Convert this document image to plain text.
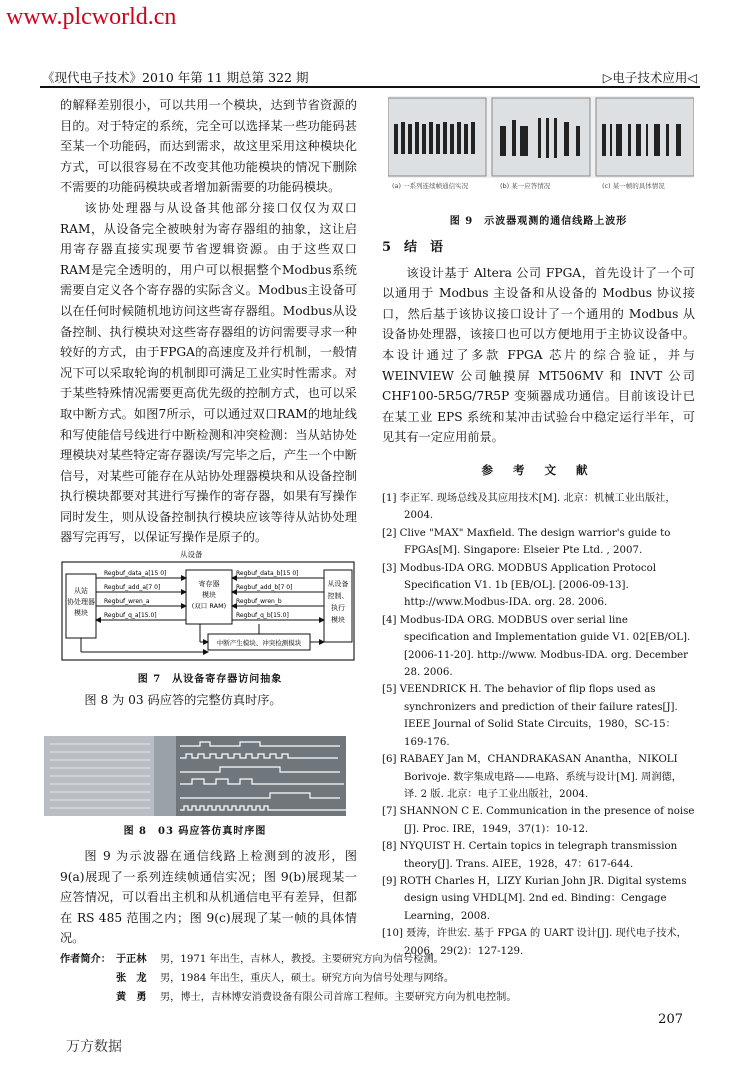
www.plcworld.cn
《现代电子技术》2010 年第 11 期总第 322 期	▷电子技术应用◁

的解释差别很小，可以共用一个模块，达到节省资源的目的。对于特定的系统，完全可以选择某一些功能码甚至某一个功能码，而达到需求，故这里采用这种模块化方式，可以很容易在不改变其他功能模块的情况下删除不需要的功能码模块或者增加新需要的功能码模块。

该协处理器与从设备其他部分接口仅仅为双口RAM，从设备完全被映射为寄存器组的抽象，这让启用寄存器直接实现要节省逻辑资源。由于这些双口RAM是完全透明的，用户可以根据整个Modbus系统需要自定义各个寄存器的实际含义。Modbus主设备可以在任何时候随机地访问这些寄存器组。Modbus从设备控制、执行模块对这些寄存器组的访问需要寻求一种较好的方式，由于FPGA的高速度及并行机制，一般情况下可以采取轮询的机制即可满足工业实时性需求。对于某些特殊情况需要更高优先级的控制方式，也可以采取中断方式。如图7所示，可以通过双口RAM的地址线和写使能信号线进行中断检测和冲突检测：当从站协处理模块对某些特定寄存器读/写完毕之后，产生一个中断信号，对某些可能存在从站协处理器模块和从设备控制执行模块都要对其进行写操作的寄存器，如果有写操作同时发生，则从设备控制执行模块应该等待从站协处理器写完再写，以保证写操作是原子的。

从设备
从站
协处理器
模块
寄存器
模块
(双口 RAM)
从设备
控制、
执行
模块
Regbuf_data_a[15 0]
Regbuf_add_a[7 0]
Regbuf_wren_a
Regbuf_q_a[15.0]
Regbuf_data_b[15 0]
Regbuf_add_b[7 0]
Regbuf_wren_b
Regbuf_q_b[15.0]
中断产生模块、冲突检测模块
图 7　从设备寄存器访问抽象

图 8 为 03 码应答的完整仿真时序。

图 8　03 码应答仿真时序图

图 9 为示波器在通信线路上检测到的波形，图 9(a)展现了一系列连续帧通信实况；图 9(b)展现某一应答情况，可以看出主机和从机通信电平有差异，但都在 RS 485 范围之内；图 9(c)展现了某一帧的具体情况。

(a) 一系列连续帧通信实况	(b) 某一应答情况	(c) 某一帧的具体情况
图 9　示波器观测的通信线路上波形

5　结　语

该设计基于 Altera 公司 FPGA，首先设计了一个可以通用于 Modbus 主设备和从设备的 Modbus 协议接口，然后基于该协议接口设计了一个通用的 Modbus 从设备协处理器，该接口也可以方便地用于主协议设备中。本设计通过了多款 FPGA 芯片的综合验证，并与 WEINVIEW 公司触摸屏 MT506MV 和 INVT 公司 CHF100-5R5G/7R5P 变频器成功通信。目前该设计已在某工业 EPS 系统和某冲击试验台中稳定运行半年，可见其有一定应用前景。

参 考 文 献

[1] 李正军. 现场总线及其应用技术[M]. 北京：机械工业出版社，2004.

[2] Clive "MAX" Maxfield. The design warrior's guide to FPGAs[M]. Singapore: Elseier Pte Ltd. , 2007.

[3] Modbus-IDA ORG. MODBUS Application Protocol Specification V1. 1b [EB/OL]. [2006-09-13]. http://www.Modbus-IDA. org. 28. 2006.

[4] Modbus-IDA ORG. MODBUS over serial line specification and Implementation guide V1. 02[EB/OL]. [2006-11-20]. http://www. Modbus-IDA. org. December 28. 2006.

[5] VEENDRICK H. The behavior of flip flops used as synchronizers and prediction of their failure rates[J]. IEEE Journal of Solid State Circuits，1980，SC-15：169-176.

[6] RABAEY Jan M，CHANDRAKASAN Anantha，NIKOLI Borivoje. 数字集成电路——电路、系统与设计[M]. 周润德，译. 2 版. 北京：电子工业出版社，2004.

[7] SHANNON C E. Communication in the presence of noise [J]. Proc. IRE，1949，37(1)：10-12.

[8] NYQUIST H. Certain topics in telegraph transmission theory[J]. Trans. AIEE，1928，47：617-644.

[9] ROTH Charles H，LIZY Kurian John JR. Digital systems design using VHDL[M]. 2nd ed. Binding：Cengage Learning，2008.

[10] 聂涛，许世宏. 基于 FPGA 的 UART 设计[J]. 现代电子技术，2006，29(2)：127-129.

作者简介： 于正林 男，1971 年出生，吉林人，教授。主要研究方向为信号检测。
张　龙 男，1984 年出生，重庆人，硕士。研究方向为信号处理与网络。
黄　勇 男，博士，吉林博安消费设备有限公司首席工程师。主要研究方向为机电控制。
207
万方数据
